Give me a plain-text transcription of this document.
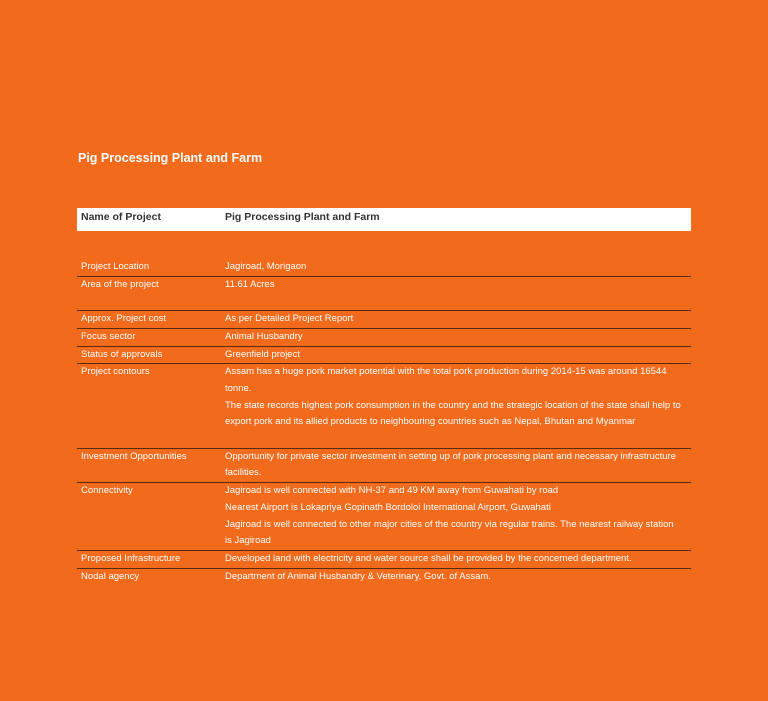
Pig Processing Plant and Farm
Name of Project	Pig Processing Plant and Farm
Project Location	Jagiroad, Morigaon

Area of the project	11.61 Acres

Approx. Project cost	As per Detailed Project Report

Focus sector	Animal Husbandry

Status of approvals	Greenfield project

Project contours	Assam has a huge pork market potential with the total pork production during 2014-15 was around 16544 tonne.

The state records highest pork consumption in the country and the strategic location of the state shall help to export pork and its allied products to neighbouring countries such as Nepal, Bhutan and Myanmar

Investment Opportunities	Opportunity for private sector investment in setting up of pork processing plant and necessary infrastructure facilities.

Connectivity	Jagiroad is well connected with NH-37 and 49 KM away from Guwahati by road

Nearest Airport is Lokapriya Gopinath Bordoloi International Airport, Guwahati

Jagiroad is well connected to other major cities of the country via regular trains. The nearest railway station is Jagiroad

Proposed Infrastructure	Developed land with electricity and water source shall be provided by the concerned department.

Nodal agency	Department of Animal Husbandry & Veterinary, Govt. of Assam.
